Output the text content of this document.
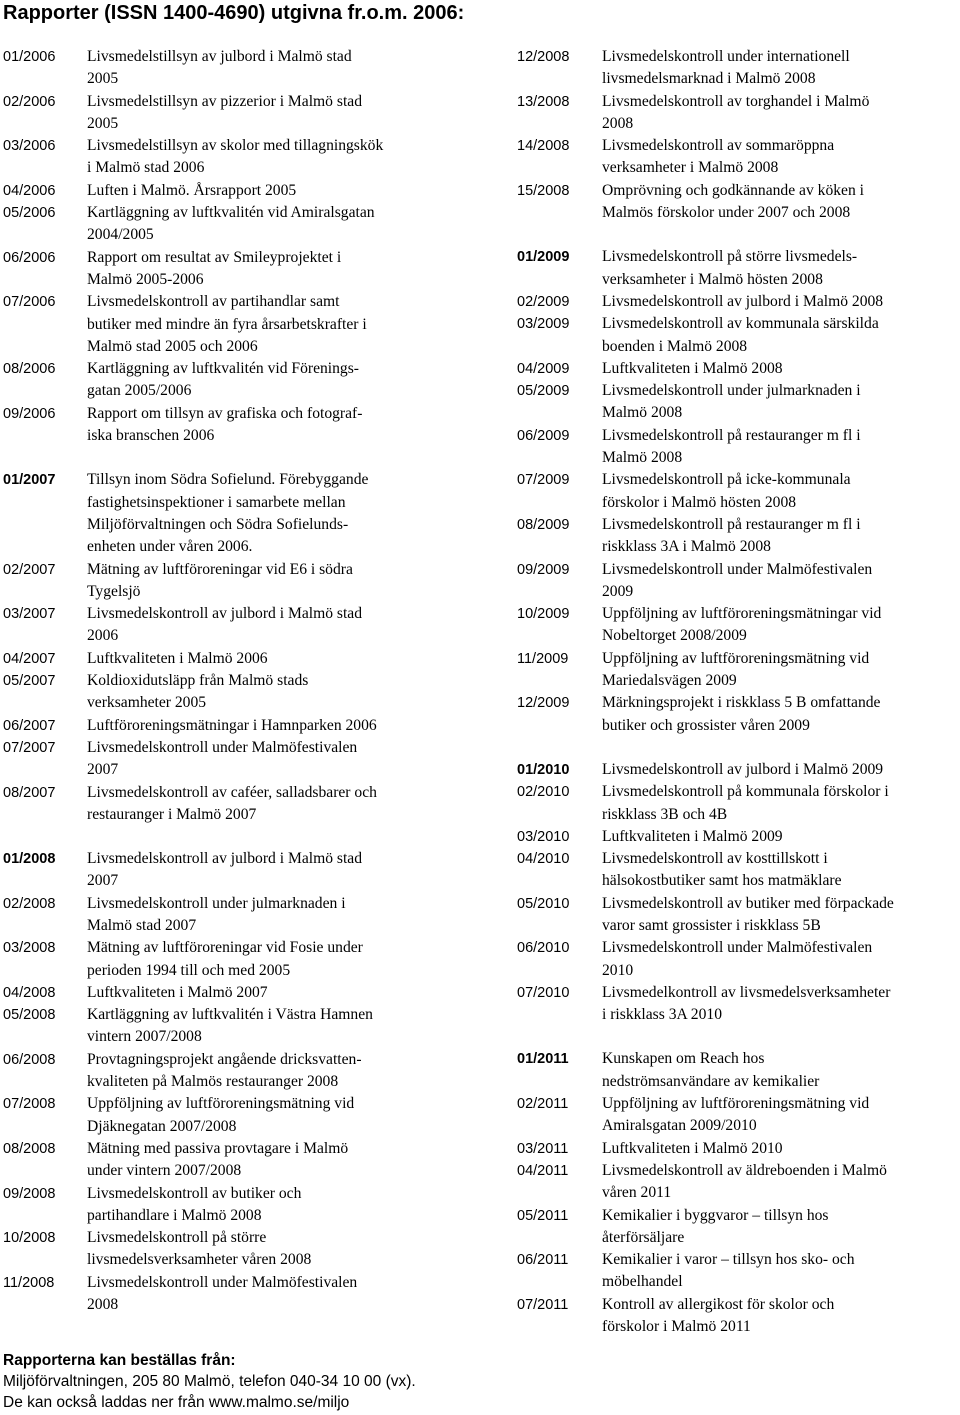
Rapporter (ISSN 1400-4690) utgivna fr.o.m. 2006:
01/2006	Livsmedelstillsyn av julbord i Malmö stad
2005
02/2006	Livsmedelstillsyn av pizzerior i Malmö stad
2005
03/2006	Livsmedelstillsyn av skolor med tillagningskök
i Malmö stad 2006
04/2006	Luften i Malmö. Årsrapport 2005
05/2006	Kartläggning av luftkvalitén vid Amiralsgatan
2004/2005
06/2006	Rapport om resultat av Smileyprojektet i
Malmö 2005-2006
07/2006	Livsmedelskontroll av partihandlar samt
butiker med mindre än fyra årsarbetskrafter i
Malmö stad 2005 och 2006
08/2006	Kartläggning av luftkvalitén vid Förenings-
gatan 2005/2006
09/2006	Rapport om tillsyn av grafiska och fotograf-
iska branschen 2006
01/2007	Tillsyn inom Södra Sofielund. Förebyggande
fastighetsinspektioner i samarbete mellan
Miljöförvaltningen och Södra Sofielunds-
enheten under våren 2006.
02/2007	Mätning av luftföroreningar vid E6 i södra
Tygelsjö
03/2007	Livsmedelskontroll av julbord i Malmö stad
2006
04/2007	Luftkvaliteten i Malmö 2006
05/2007	Koldioxidutsläpp från Malmö stads
verksamheter 2005
06/2007	Luftföroreningsmätningar i Hamnparken 2006
07/2007	Livsmedelskontroll under Malmöfestivalen
2007
08/2007	Livsmedelskontroll av caféer, salladsbarer och
restauranger i Malmö 2007
01/2008	Livsmedelskontroll av julbord i Malmö stad
2007
02/2008	Livsmedelskontroll under julmarknaden i
Malmö stad 2007
03/2008	Mätning av luftföroreningar vid Fosie under
perioden 1994 till och med 2005
04/2008	Luftkvaliteten i Malmö 2007
05/2008	Kartläggning av luftkvalitén i Västra Hamnen
vintern 2007/2008
06/2008	Provtagningsprojekt angående dricksvatten-
kvaliteten på Malmös restauranger 2008
07/2008	Uppföljning av luftföroreningsmätning vid
Djäknegatan 2007/2008
08/2008	Mätning med passiva provtagare i Malmö
under vintern 2007/2008
09/2008	Livsmedelskontroll av butiker och
partihandlare i Malmö 2008
10/2008	Livsmedelskontroll på större
livsmedelsverksamheter våren 2008
11/2008	Livsmedelskontroll under Malmöfestivalen
2008
12/2008	Livsmedelskontroll under internationell
livsmedelsmarknad i Malmö 2008
13/2008	Livsmedelskontroll av torghandel i Malmö
2008
14/2008	Livsmedelskontroll av sommaröppna
verksamheter i Malmö 2008
15/2008	Omprövning och godkännande av köken i
Malmös förskolor under 2007 och 2008
01/2009	Livsmedelskontroll på större livsmedels-
verksamheter i Malmö hösten 2008
02/2009	Livsmedelskontroll av julbord i Malmö 2008
03/2009	Livsmedelskontroll av kommunala särskilda
boenden i Malmö 2008
04/2009	Luftkvaliteten i Malmö 2008
05/2009	Livsmedelskontroll under julmarknaden i
Malmö 2008
06/2009	Livsmedelskontroll på restauranger m fl i
Malmö 2008
07/2009	Livsmedelskontroll på icke-kommunala
förskolor i Malmö hösten 2008
08/2009	Livsmedelskontroll på restauranger m fl i
riskklass 3A i Malmö 2008
09/2009	Livsmedelskontroll under Malmöfestivalen
2009
10/2009	Uppföljning av luftföroreningsmätningar vid
Nobeltorget 2008/2009
11/2009	Uppföljning av luftföroreningsmätning vid
Mariedalsvägen 2009
12/2009	Märkningsprojekt i riskklass 5 B omfattande
butiker och grossister våren 2009
01/2010	Livsmedelskontroll av julbord i Malmö 2009
02/2010	Livsmedelskontroll på kommunala förskolor i
riskklass 3B och 4B
03/2010	Luftkvaliteten i Malmö 2009
04/2010	Livsmedelskontroll av kosttillskott i
hälsokostbutiker samt hos matmäklare
05/2010	Livsmedelskontroll av butiker med förpackade
varor samt grossister i riskklass 5B
06/2010	Livsmedelskontroll under Malmöfestivalen
2010
07/2010	Livsmedelkontroll av livsmedelsverksamheter
i riskklass 3A 2010
01/2011	Kunskapen om Reach hos
nedströmsanvändare av kemikalier
02/2011	Uppföljning av luftföroreningsmätning vid
Amiralsgatan 2009/2010
03/2011	Luftkvaliteten i Malmö 2010
04/2011	Livsmedelskontroll av äldreboenden i Malmö
våren 2011
05/2011	Kemikalier i byggvaror – tillsyn hos
återförsäljare
06/2011	Kemikalier i varor – tillsyn hos sko- och
möbelhandel
07/2011	Kontroll av allergikost för skolor och
förskolor i Malmö 2011
Rapporterna kan beställas från:
Miljöförvaltningen, 205 80 Malmö, telefon 040-34 10 00 (vx).
De kan också laddas ner från www.malmo.se/miljo
